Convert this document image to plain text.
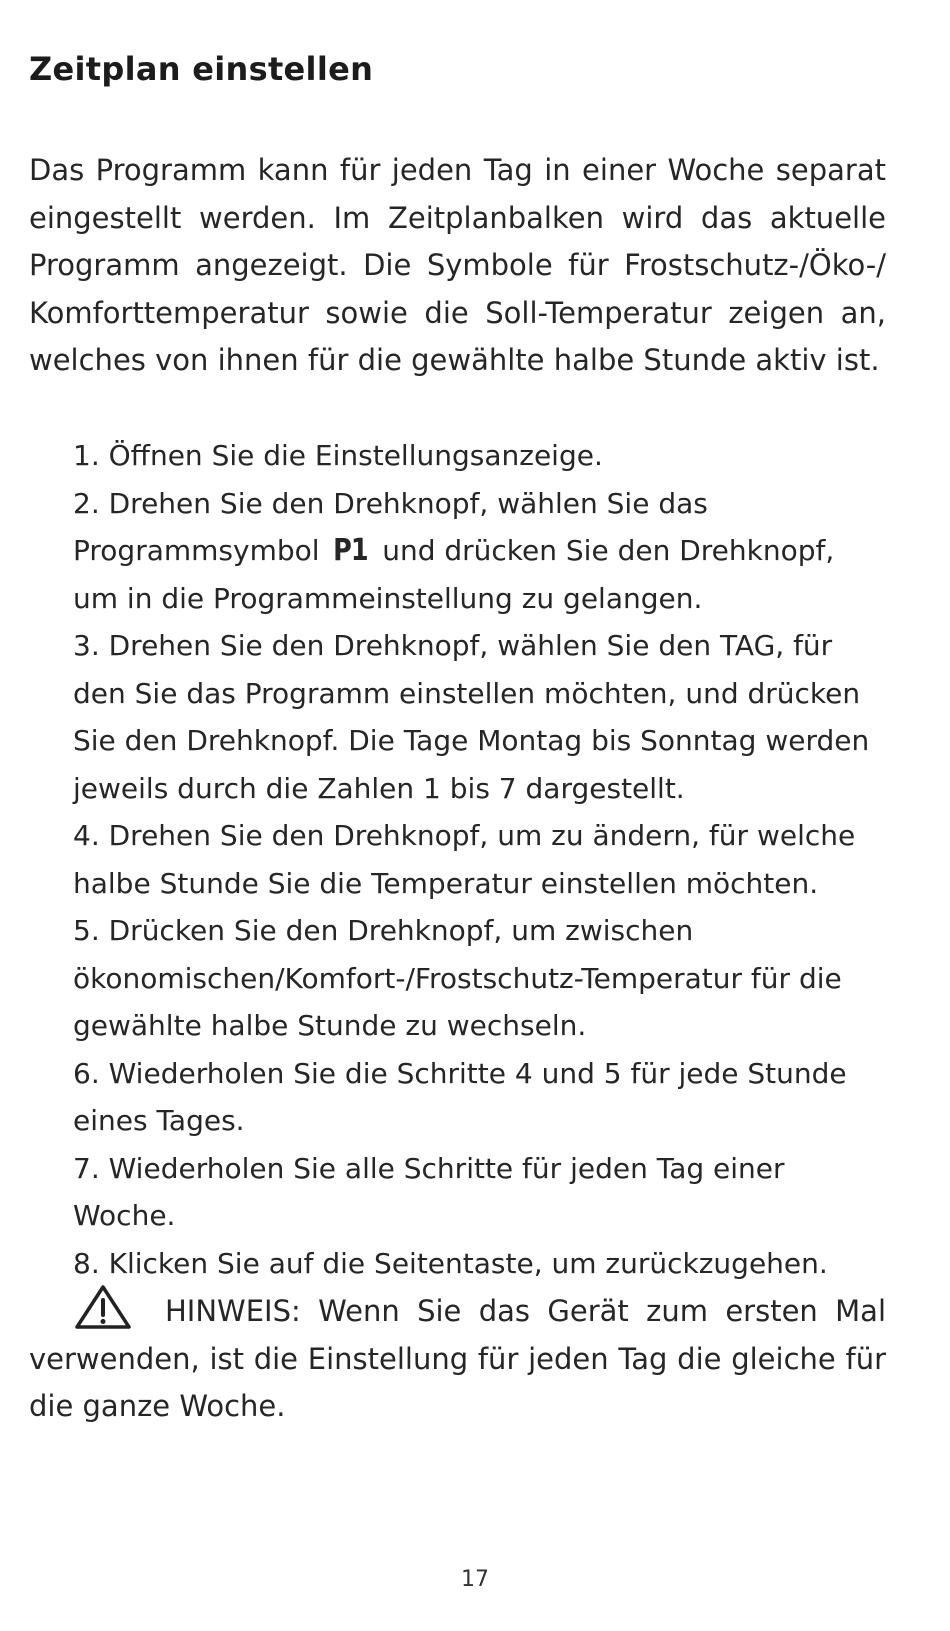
Zeitplan einstellen

Das Programm kann für jeden Tag in einer Woche separat eingestellt werden. Im Zeitplanbalken wird das aktuelle Programm angezeigt. Die Symbole für Frostschutz-/Öko-/ Komforttemperatur sowie die Soll-Temperatur zeigen an, welches von ihnen für die gewählte halbe Stunde aktiv ist.

1. Öffnen Sie die Einstellungsanzeige.
2. Drehen Sie den Drehknopf, wählen Sie das Programmsymbol P1 und drücken Sie den Drehknopf, um in die Programmeinstellung zu gelangen.
3. Drehen Sie den Drehknopf, wählen Sie den TAG, für den Sie das Programm einstellen möchten, und drücken Sie den Drehknopf. Die Tage Montag bis Sonntag werden jeweils durch die Zahlen 1 bis 7 dargestellt.
4. Drehen Sie den Drehknopf, um zu ändern, für welche halbe Stunde Sie die Temperatur einstellen möchten.
5. Drücken Sie den Drehknopf, um zwischen ökonomischen/Komfort-/Frostschutz-Temperatur für die gewählte halbe Stunde zu wechseln.
6. Wiederholen Sie die Schritte 4 und 5 für jede Stunde eines Tages.
7. Wiederholen Sie alle Schritte für jeden Tag einer Woche.
8. Klicken Sie auf die Seitentaste, um zurückzugehen.

HINWEIS: Wenn Sie das Gerät zum ersten Mal verwenden, ist die Einstellung für jeden Tag die gleiche für die ganze Woche.

17
